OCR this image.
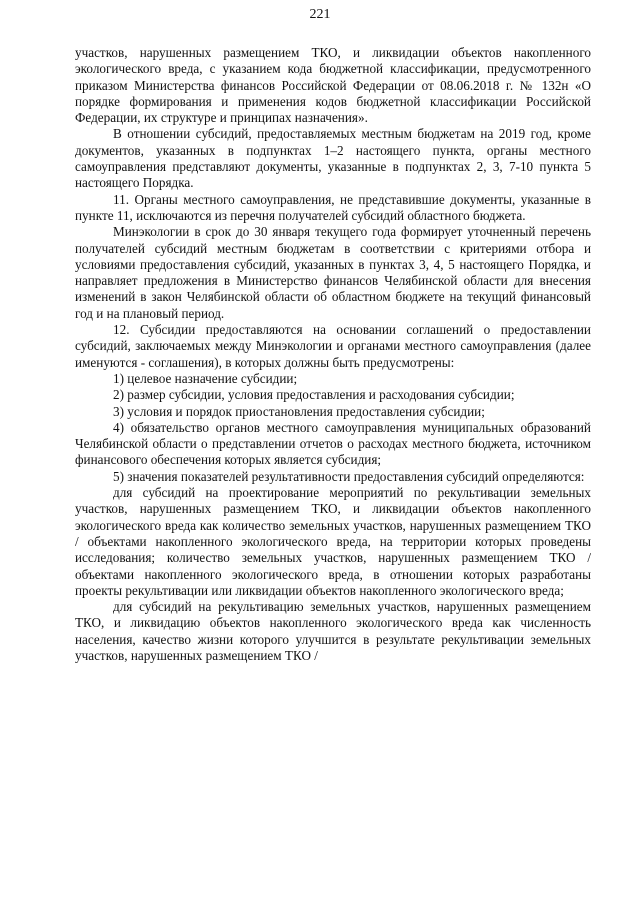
221

участков, нарушенных размещением ТКО, и ликвидации объектов накопленного экологического вреда, с указанием кода бюджетной классификации, предусмотренного приказом Министерства финансов Российской Федерации от 08.06.2018 г. № 132н «О порядке формирования и применения кодов бюджетной классификации Российской Федерации, их структуре и принципах назначения».

В отношении субсидий, предоставляемых местным бюджетам на 2019 год, кроме документов, указанных в подпунктах 1–2 настоящего пункта, органы местного самоуправления представляют документы, указанные в подпунктах 2, 3, 7-10 пункта 5 настоящего Порядка.

11. Органы местного самоуправления, не представившие документы, указанные в пункте 11, исключаются из перечня получателей субсидий областного бюджета.

Минэкологии в срок до 30 января текущего года формирует уточненный перечень получателей субсидий местным бюджетам в соответствии с критериями отбора и условиями предоставления субсидий, указанных в пунктах 3, 4, 5 настоящего Порядка, и направляет предложения в Министерство финансов Челябинской области для внесения изменений в закон Челябинской области об областном бюджете на текущий финансовый год и на плановый период.

12. Субсидии предоставляются на основании соглашений о предоставлении субсидий, заключаемых между Минэкологии и органами местного самоуправления (далее именуются - соглашения), в которых должны быть предусмотрены:

1) целевое назначение субсидии;

2) размер субсидии, условия предоставления и расходования субсидии;

3) условия и порядок приостановления предоставления субсидии;

4) обязательство органов местного самоуправления муниципальных образований Челябинской области о представлении отчетов о расходах местного бюджета, источником финансового обеспечения которых является субсидия;

5) значения показателей результативности предоставления субсидий определяются:

для субсидий на проектирование мероприятий по рекультивации земельных участков, нарушенных размещением ТКО, и ликвидации объектов накопленного экологического вреда как количество земельных участков, нарушенных размещением ТКО / объектами накопленного экологического вреда, на территории которых проведены исследования; количество земельных участков, нарушенных размещением ТКО / объектами накопленного экологического вреда, в отношении которых разработаны проекты рекультивации или ликвидации объектов накопленного экологического вреда;

для субсидий на рекультивацию земельных участков, нарушенных размещением ТКО, и ликвидацию объектов накопленного экологического вреда как численность населения, качество жизни которого улучшится в результате рекультивации земельных участков, нарушенных размещением ТКО /
